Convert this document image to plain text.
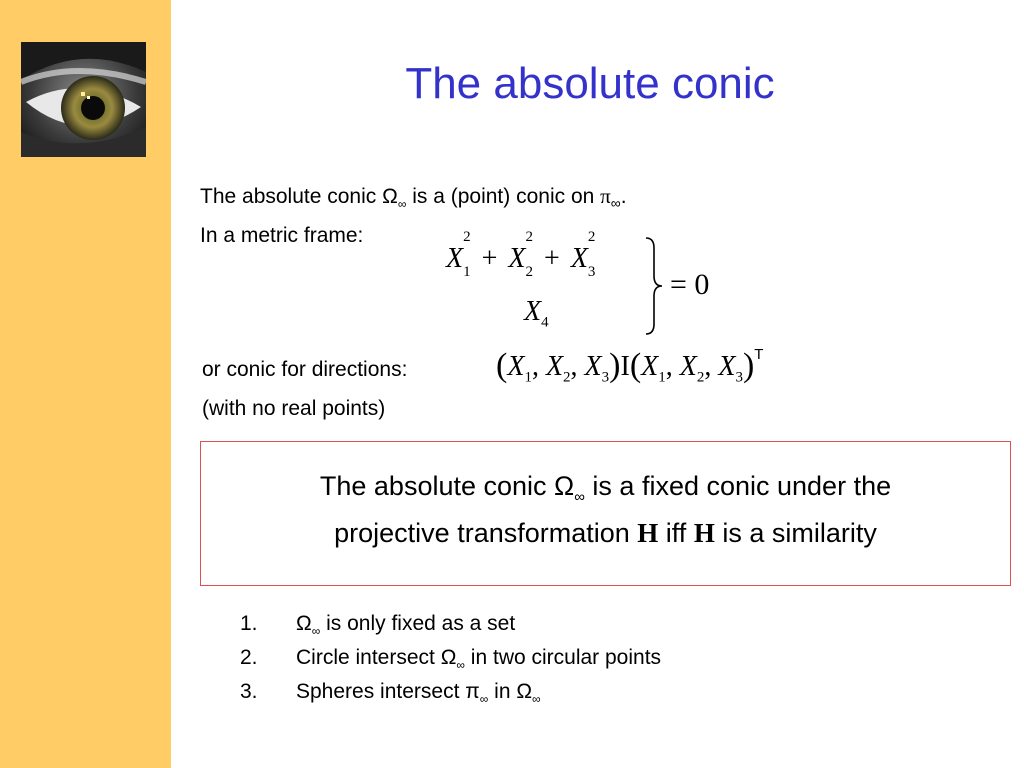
The absolute conic
The absolute conic $\Omega_\infty$ is a (point) conic on $\pi_\infty$.
In a metric frame:
$X_1$
2
+ $X_2$
2
+ $X_3$
2
$X_4$
= 0
or conic for directions:
(with no real points)
($X_1$, $X_2$, $X_3)I(X_1$, $X_2$, $X_3)^T$
The absolute conic $\Omega_\infty$ is a fixed conic under the
projective transformation H iff H is a similarity
1. $\Omega_\infty$ is only fixed as a set
2. Circle intersect $\Omega_\infty$ in two circular points
3. Spheres intersect $\pi_\infty$ in $\Omega_\infty$
